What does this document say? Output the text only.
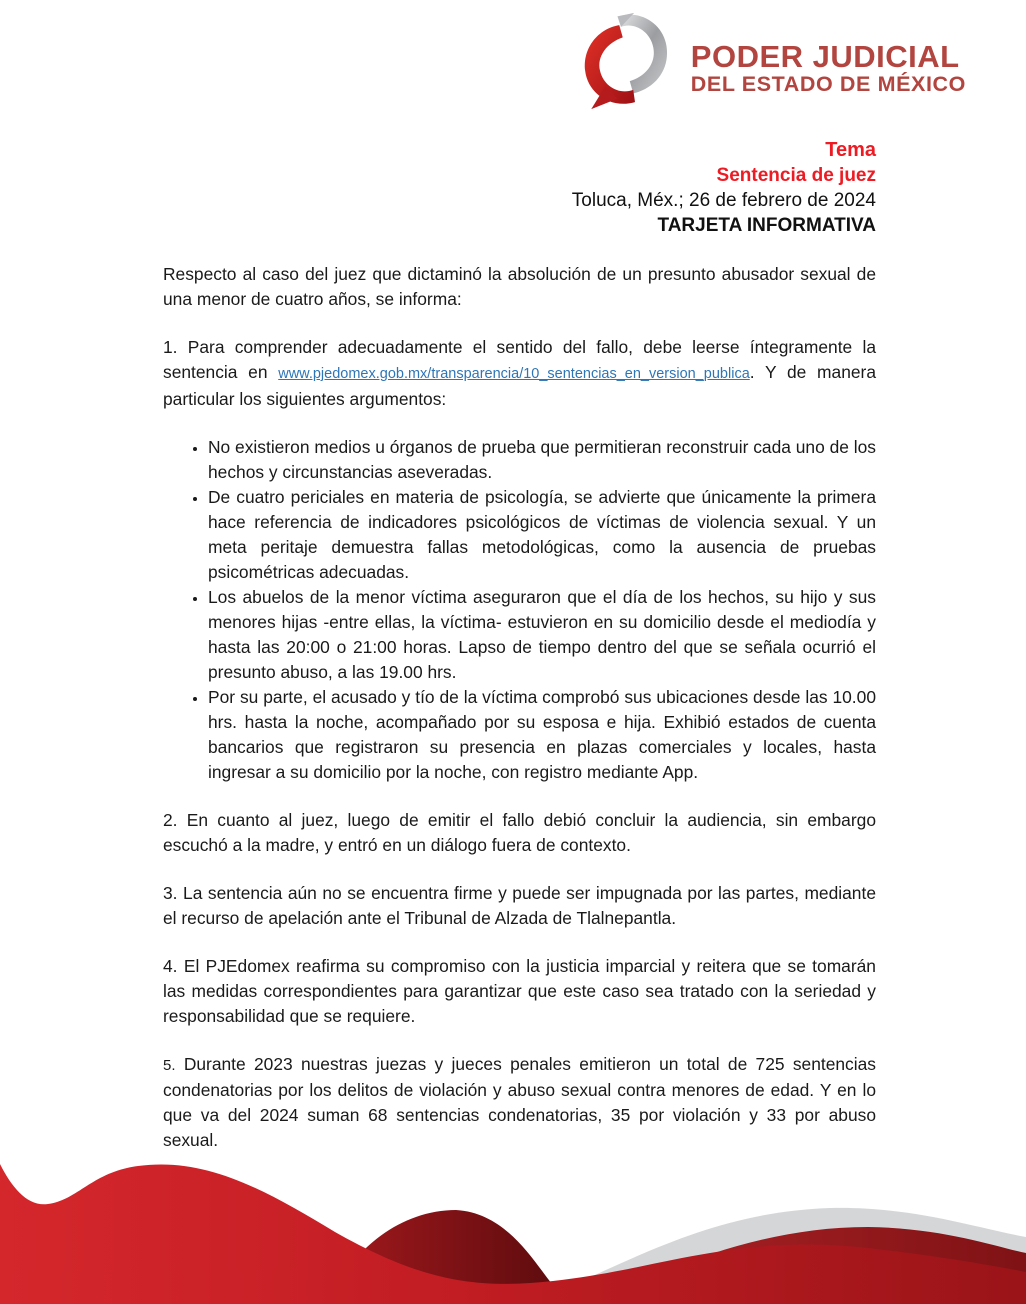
PODER JUDICIAL
DEL ESTADO DE MÉXICO
Tema
Sentencia de juez
Toluca, Méx.; 26 de febrero de 2024
TARJETA INFORMATIVA

Respecto al caso del juez que dictaminó la absolución de un presunto abusador sexual de una menor de cuatro años, se informa:

1. Para comprender adecuadamente el sentido del fallo, debe leerse íntegramente la sentencia en www.pjedomex.gob.mx/transparencia/10_sentencias_en_version_publica. Y de manera particular los siguientes argumentos:

• No existieron medios u órganos de prueba que permitieran reconstruir cada uno de los hechos y circunstancias aseveradas.
• De cuatro periciales en materia de psicología, se advierte que únicamente la primera hace referencia de indicadores psicológicos de víctimas de violencia sexual. Y un meta peritaje demuestra fallas metodológicas, como la ausencia de pruebas psicométricas adecuadas.
• Los abuelos de la menor víctima aseguraron que el día de los hechos, su hijo y sus menores hijas -entre ellas, la víctima- estuvieron en su domicilio desde el mediodía y hasta las 20:00 o 21:00 horas. Lapso de tiempo dentro del que se señala ocurrió el presunto abuso, a las 19.00 hrs.
• Por su parte, el acusado y tío de la víctima comprobó sus ubicaciones desde las 10.00 hrs. hasta la noche, acompañado por su esposa e hija. Exhibió estados de cuenta bancarios que registraron su presencia en plazas comerciales y locales, hasta ingresar a su domicilio por la noche, con registro mediante App.

2. En cuanto al juez, luego de emitir el fallo debió concluir la audiencia, sin embargo escuchó a la madre, y entró en un diálogo fuera de contexto.

3. La sentencia aún no se encuentra firme y puede ser impugnada por las partes, mediante el recurso de apelación ante el Tribunal de Alzada de Tlalnepantla.

4. El PJEdomex reafirma su compromiso con la justicia imparcial y reitera que se tomarán las medidas correspondientes para garantizar que este caso sea tratado con la seriedad y responsabilidad que se requiere.

5. Durante 2023 nuestras juezas y jueces penales emitieron un total de 725 sentencias condenatorias por los delitos de violación y abuso sexual contra menores de edad. Y en lo que va del 2024 suman 68 sentencias condenatorias, 35 por violación y 33 por abuso sexual.
